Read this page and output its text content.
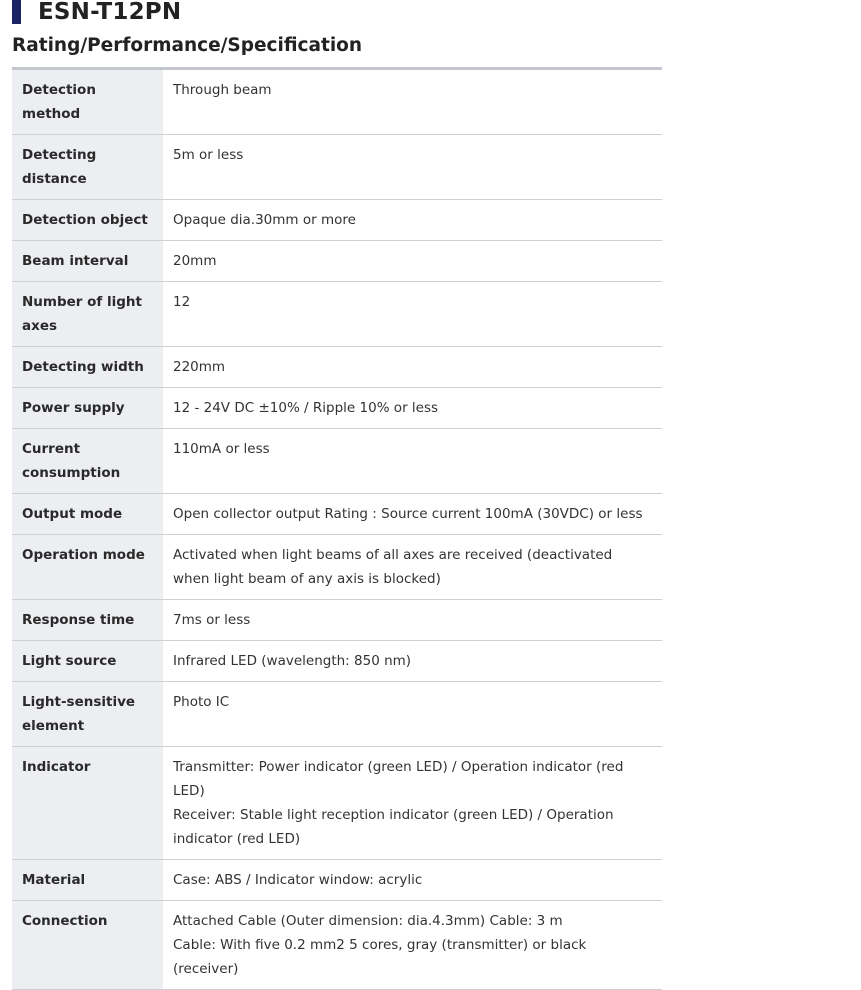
ESN-T12PN
Rating/Performance/Specification
Detection method	Through beam

Detecting distance	5m or less

Detection object	Opaque dia.30mm or more

Beam interval	20mm

Number of light axes	12

Detecting width	220mm

Power supply	12 - 24V DC ±10% / Ripple 10% or less

Current consumption	110mA or less

Output mode	Open collector output Rating : Source current 100mA (30VDC) or less

Operation mode	Activated when light beams of all axes are received (deactivated when light beam of any axis is blocked)

Response time	7ms or less

Light source	Infrared LED (wavelength: 850 nm)

Light-sensitive element	Photo IC

Indicator	Transmitter: Power indicator (green LED) / Operation indicator (red LED)
Receiver: Stable light reception indicator (green LED) / Operation indicator (red LED)

Material	Case: ABS / Indicator window: acrylic

Connection	Attached Cable (Outer dimension: dia.4.3mm) Cable: 3 m
Cable: With five 0.2 mm2 5 cores, gray (transmitter) or black (receiver)
